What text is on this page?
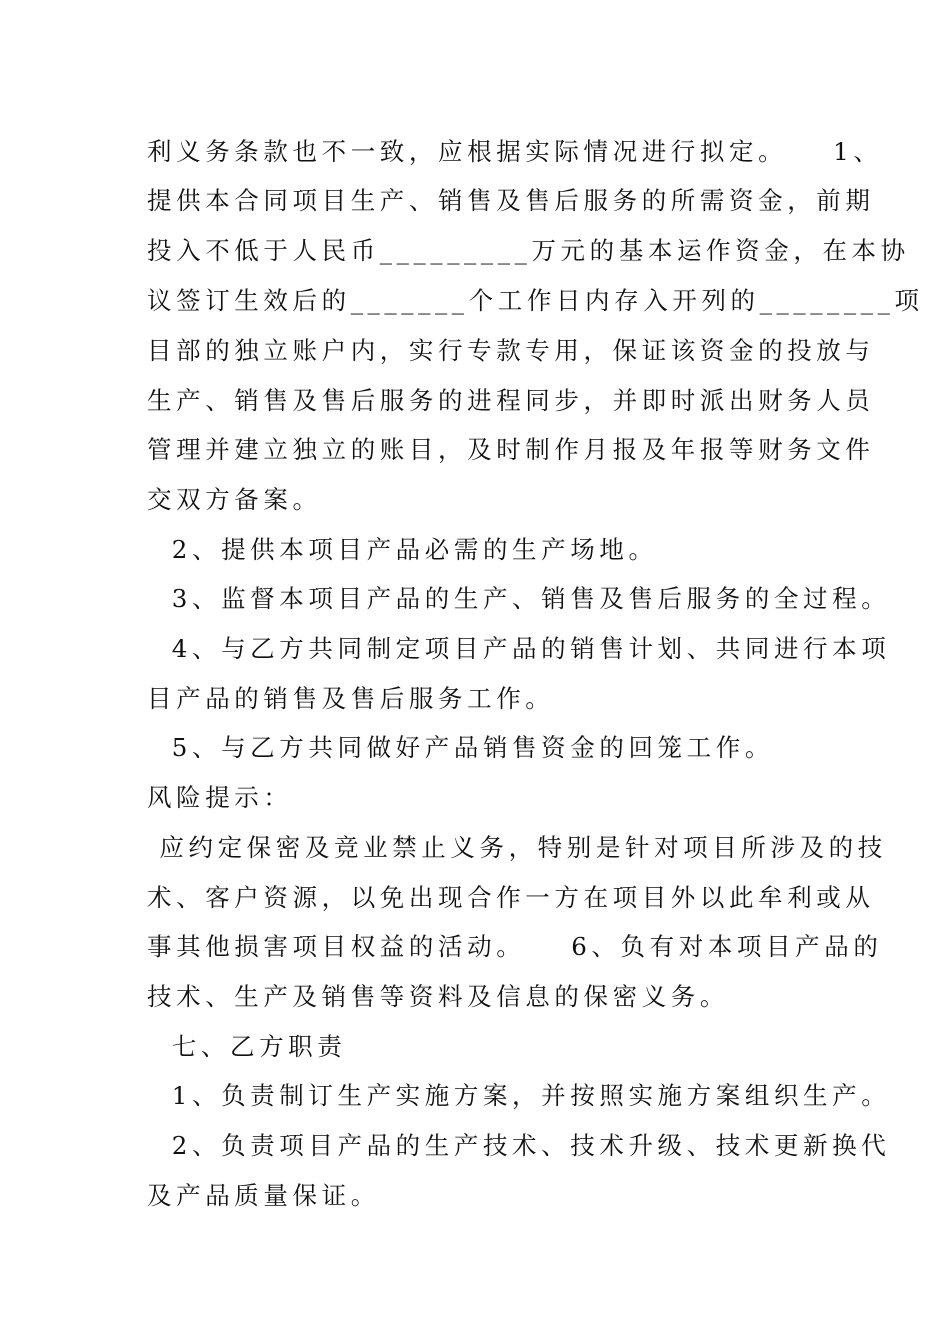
利义务条款也不一致，应根据实际情况进行拟定。　　1、
提供本合同项目生产、销售及售后服务的所需资金，前期
投入不低于人民币_________万元的基本运作资金，在本协
议签订生效后的_______个工作日内存入开列的________项
目部的独立账户内，实行专款专用，保证该资金的投放与
生产、销售及售后服务的进程同步，并即时派出财务人员
管理并建立独立的账目，及时制作月报及年报等财务文件
交双方备案。
2、提供本项目产品必需的生产场地。
3、监督本项目产品的生产、销售及售后服务的全过程。
4、与乙方共同制定项目产品的销售计划、共同进行本项
目产品的销售及售后服务工作。
5、与乙方共同做好产品销售资金的回笼工作。
风险提示：
应约定保密及竞业禁止义务，特别是针对项目所涉及的技
术、客户资源，以免出现合作一方在项目外以此牟利或从
事其他损害项目权益的活动。　　6、负有对本项目产品的
技术、生产及销售等资料及信息的保密义务。
七、乙方职责
1、负责制订生产实施方案，并按照实施方案组织生产。
2、负责项目产品的生产技术、技术升级、技术更新换代
及产品质量保证。
